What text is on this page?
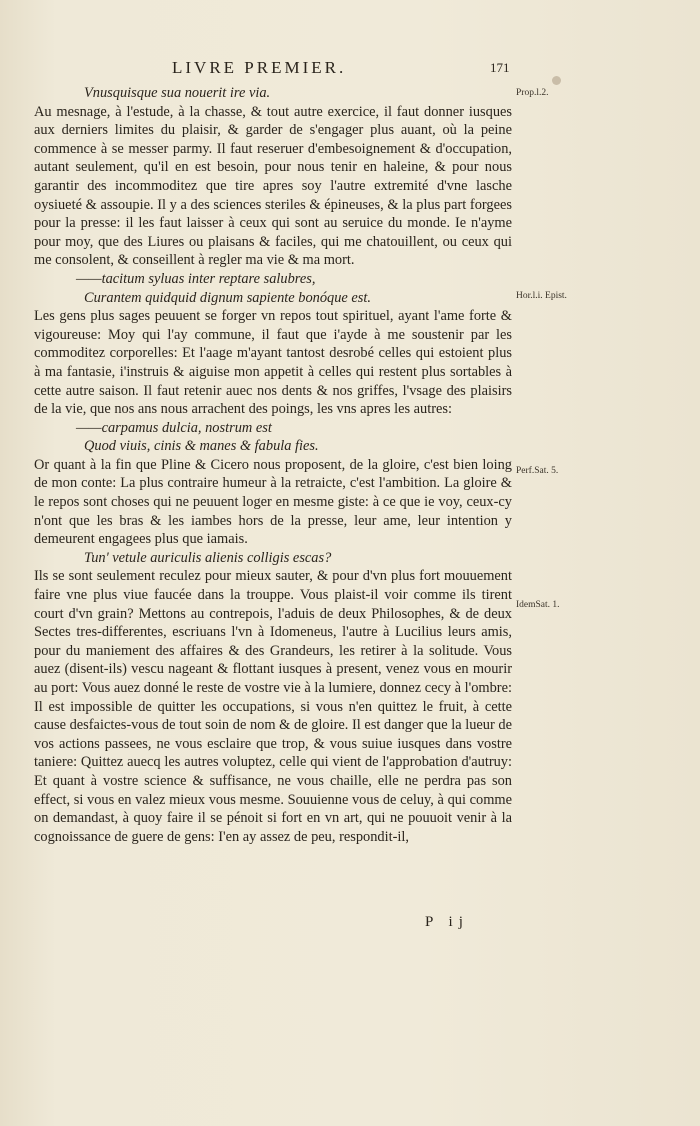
LIVRE PREMIER.	171
Prop.l.2.
Hor.l.i. Epist.
Perf.Sat. 5.
IdemSat. 1.

Vnusquisque sua nouerit ire via.

Au mesnage, à l'estude, à la chasse, & tout autre exercice, il faut donner iusques aux derniers limites du plaisir, & garder de s'engager plus auant, où la peine commence à se messer parmy. Il faut reseruer d'embesoignement & d'occupation, autant seulement, qu'il en est besoin, pour nous tenir en haleine, & pour nous garantir des incommoditez que tire apres soy l'autre extremité d'vne lasche oysiueté & assoupie. Il y a des sciences steriles & épineuses, & la plus part forgees pour la presse: il les faut laisser à ceux qui sont au seruice du monde. Ie n'ayme pour moy, que des Liures ou plaisans & faciles, qui me chatouillent, ou ceux qui me consolent, & conseillent à regler ma vie & ma mort.

——tacitum syluas inter reptare salubres,

Curantem quidquid dignum sapiente bonóque est.

Les gens plus sages peuuent se forger vn repos tout spirituel, ayant l'ame forte & vigoureuse: Moy qui l'ay commune, il faut que i'ayde à me soustenir par les commoditez corporelles: Et l'aage m'ayant tantost desrobé celles qui estoient plus à ma fantasie, i'instruis & aiguise mon appetit à celles qui restent plus sortables à cette autre saison. Il faut retenir auec nos dents & nos griffes, l'vsage des plaisirs de la vie, que nos ans nous arrachent des poings, les vns apres les autres:

——carpamus dulcia, nostrum est

Quod viuis, cinis & manes & fabula fies.

Or quant à la fin que Pline & Cicero nous proposent, de la gloire, c'est bien loing de mon conte: La plus contraire humeur à la retraicte, c'est l'ambition. La gloire & le repos sont choses qui ne peuuent loger en mesme giste: à ce que ie voy, ceux-cy n'ont que les bras & les iambes hors de la presse, leur ame, leur intention y demeurent engagees plus que iamais.

Tun' vetule auriculis alienis colligis escas?

Ils se sont seulement reculez pour mieux sauter, & pour d'vn plus fort mouuement faire vne plus viue faucée dans la trouppe. Vous plaist-il voir comme ils tirent court d'vn grain? Mettons au contrepois, l'aduis de deux Philosophes, & de deux Sectes tres-differentes, escriuans l'vn à Idomeneus, l'autre à Lucilius leurs amis, pour du maniement des affaires & des Grandeurs, les retirer à la solitude. Vous auez (disent-ils) vescu nageant & flottant iusques à present, venez vous en mourir au port: Vous auez donné le reste de vostre vie à la lumiere, donnez cecy à l'ombre: Il est impossible de quitter les occupations, si vous n'en quittez le fruit, à cette cause desfaictes-vous de tout soin de nom & de gloire. Il est danger que la lueur de vos actions passees, ne vous esclaire que trop, & vous suiue iusques dans vostre taniere: Quittez auecq les autres voluptez, celle qui vient de l'approbation d'autruy: Et quant à vostre science & suffisance, ne vous chaille, elle ne perdra pas son effect, si vous en valez mieux vous mesme. Souuienne vous de celuy, à qui comme on demandast, à quoy faire il se pénoit si fort en vn art, qui ne pouuoit venir à la cognoissance de guere de gens: I'en ay assez de peu, respondit-il,

P ij
